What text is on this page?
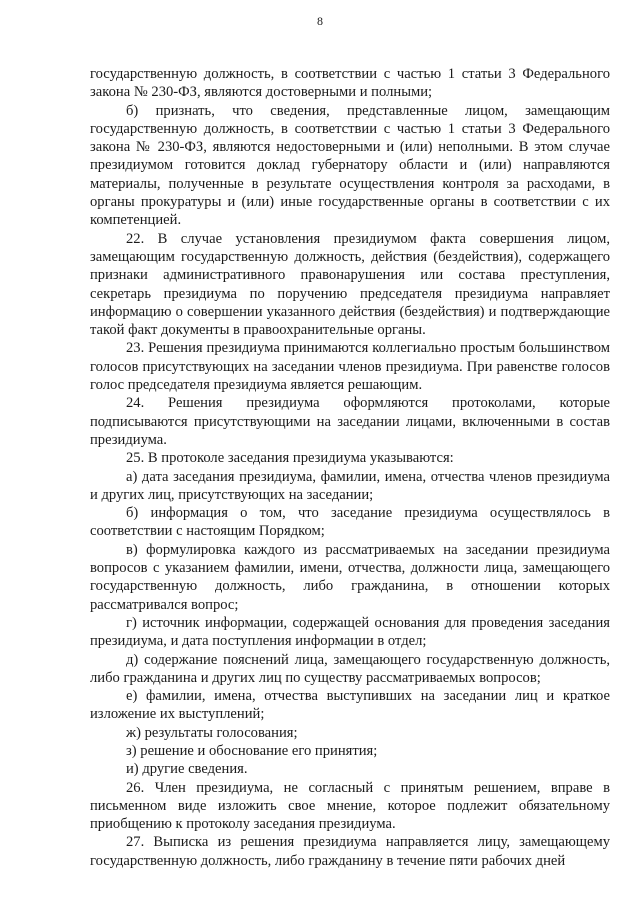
8

государственную должность, в соответствии с частью 1 статьи 3 Федерального закона № 230-ФЗ, являются достоверными и полными;

б) признать, что сведения, представленные лицом, замещающим государственную должность, в соответствии с частью 1 статьи 3 Федерального закона № 230-ФЗ, являются недостоверными и (или) неполными. В этом случае президиумом готовится доклад губернатору области и (или) направляются материалы, полученные в результате осуществления контроля за расходами, в органы прокуратуры и (или) иные государственные органы в соответствии с их компетенцией.

22. В случае установления президиумом факта совершения лицом, замещающим государственную должность, действия (бездействия), содержащего признаки административного правонарушения или состава преступления, секретарь президиума по поручению председателя президиума направляет информацию о совершении указанного действия (бездействия) и подтверждающие такой факт документы в правоохранительные органы.

23. Решения президиума принимаются коллегиально простым большинством голосов присутствующих на заседании членов президиума. При равенстве голосов голос председателя президиума является решающим.

24. Решения президиума оформляются протоколами, которые подписываются присутствующими на заседании лицами, включенными в состав президиума.

25. В протоколе заседания президиума указываются:

а) дата заседания президиума, фамилии, имена, отчества членов президиума и других лиц, присутствующих на заседании;

б) информация о том, что заседание президиума осуществлялось в соответствии с настоящим Порядком;

в) формулировка каждого из рассматриваемых на заседании президиума вопросов с указанием фамилии, имени, отчества, должности лица, замещающего государственную должность, либо гражданина, в отношении которых рассматривался вопрос;

г) источник информации, содержащей основания для проведения заседания президиума, и дата поступления информации в отдел;

д) содержание пояснений лица, замещающего государственную должность, либо гражданина и других лиц по существу рассматриваемых вопросов;

е) фамилии, имена, отчества выступивших на заседании лиц и краткое изложение их выступлений;

ж) результаты голосования;

з) решение и обоснование его принятия;

и) другие сведения.

26. Член президиума, не согласный с принятым решением, вправе в письменном виде изложить свое мнение, которое подлежит обязательному приобщению к протоколу заседания президиума.

27. Выписка из решения президиума направляется лицу, замещающему государственную должность, либо гражданину в течение пяти рабочих дней
